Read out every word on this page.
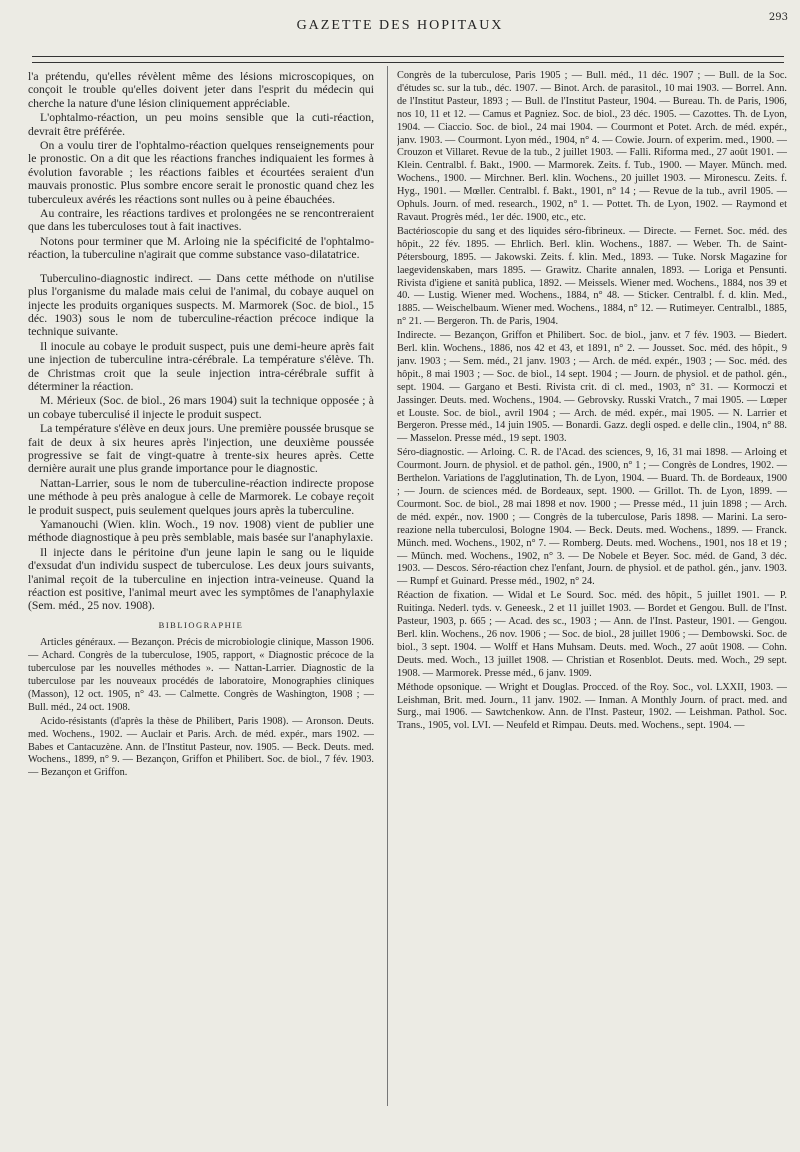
GAZETTE DES HOPITAUX
293

l'a prétendu, qu'elles révèlent même des lésions microscopiques, on conçoit le trouble qu'elles doivent jeter dans l'esprit du médecin qui cherche la nature d'une lésion cliniquement appréciable.

L'ophtalmo-réaction, un peu moins sensible que la cuti-réaction, devrait être préférée.

On a voulu tirer de l'ophtalmo-réaction quelques renseignements pour le pronostic. On a dit que les réactions franches indiquaient les formes à évolution favorable ; les réactions faibles et écourtées seraient d'un mauvais pronostic. Plus sombre encore serait le pronostic quand chez les tuberculeux avérés les réactions sont nulles ou à peine ébauchées.

Au contraire, les réactions tardives et prolongées ne se rencontreraient que dans les tuberculoses tout à fait inactives.

Notons pour terminer que M. Arloing nie la spécificité de l'ophtalmo-réaction, la tuberculine n'agirait que comme substance vaso-dilatatrice.

Tuberculino-diagnostic indirect. — Dans cette méthode on n'utilise plus l'organisme du malade mais celui de l'animal, du cobaye auquel on injecte les produits organiques suspects. M. Marmorek (Soc. de biol., 15 déc. 1903) sous le nom de tuberculine-réaction précoce indique la technique suivante.

Il inocule au cobaye le produit suspect, puis une demi-heure après fait une injection de tuberculine intra-cérébrale. La température s'élève. Th. de Christmas croit que la seule injection intra-cérébrale suffit à déterminer la réaction.

M. Mérieux (Soc. de biol., 26 mars 1904) suit la technique opposée ; à un cobaye tuberculisé il injecte le produit suspect.

La température s'élève en deux jours. Une première poussée brusque se fait de deux à six heures après l'injection, une deuxième poussée progressive se fait de vingt-quatre à trente-six heures après. Cette dernière aurait une plus grande importance pour le diagnostic.

Nattan-Larrier, sous le nom de tuberculine-réaction indirecte propose une méthode à peu près analogue à celle de Marmorek. Le cobaye reçoit le produit suspect, puis seulement quelques jours après la tuberculine.

Yamanouchi (Wien. klin. Woch., 19 nov. 1908) vient de publier une méthode diagnostique à peu près semblable, mais basée sur l'anaphylaxie.

Il injecte dans le péritoine d'un jeune lapin le sang ou le liquide d'exsudat d'un individu suspect de tuberculose. Les deux jours suivants, l'animal reçoit de la tuberculine en injection intra-veineuse. Quand la réaction est positive, l'animal meurt avec les symptômes de l'anaphylaxie (Sem. méd., 25 nov. 1908).

BIBLIOGRAPHIE

Articles généraux. — Bezançon. Précis de microbiologie clinique, Masson 1906. — Achard. Congrès de la tuberculose, 1905, rapport, « Diagnostic précoce de la tuberculose par les nouvelles méthodes ». — Nattan-Larrier. Diagnostic de la tuberculose par les nouveaux procédés de laboratoire, Monographies cliniques (Masson), 12 oct. 1905, n° 43. — Calmette. Congrès de Washington, 1908 ; — Bull. méd., 24 oct. 1908.

Acido-résistants (d'après la thèse de Philibert, Paris 1908). — Aronson. Deuts. med. Wochens., 1902. — Auclair et Paris. Arch. de méd. expér., mars 1902. — Babes et Cantacuzène. Ann. de l'Institut Pasteur, nov. 1905. — Beck. Deuts. med. Wochens., 1899, n° 9. — Bezançon, Griffon et Philibert. Soc. de biol., 7 fév. 1903. — Bezançon et Griffon.

Congrès de la tuberculose, Paris 1905 ; — Bull. méd., 11 déc. 1907 ; — Bull. de la Soc. d'études sc. sur la tub., déc. 1907. — Binot. Arch. de parasitol., 10 mai 1903. — Borrel. Ann. de l'Institut Pasteur, 1893 ; — Bull. de l'Institut Pasteur, 1904. — Bureau. Th. de Paris, 1906, nos 10, 11 et 12. — Camus et Pagniez. Soc. de biol., 23 déc. 1905. — Cazottes. Th. de Lyon, 1904. — Ciaccio. Soc. de biol., 24 mai 1904. — Courmont et Potet. Arch. de méd. expér., janv. 1903. — Courmont. Lyon méd., 1904, n° 4. — Cowie. Journ. of experim. med., 1900. — Crouzon et Villaret. Revue de la tub., 2 juillet 1903. — Falli. Riforma med., 27 août 1901. — Klein. Centralbl. f. Bakt., 1900. — Marmorek. Zeits. f. Tub., 1900. — Mayer. Münch. med. Wochens., 1900. — Mirchner. Berl. klin. Wochens., 20 juillet 1903. — Mironescu. Zeits. f. Hyg., 1901. — Mœller. Centralbl. f. Bakt., 1901, n° 14 ; — Revue de la tub., avril 1905. — Ophuls. Journ. of med. research., 1902, n° 1. — Pottet. Th. de Lyon, 1902. — Raymond et Ravaut. Progrès méd., 1er déc. 1900, etc., etc.

Bactérioscopie du sang et des liquides séro-fibrineux. — Directe. — Fernet. Soc. méd. des hôpit., 22 fév. 1895. — Ehrlich. Berl. klin. Wochens., 1887. — Weber. Th. de Saint-Pétersbourg, 1895. — Jakowski. Zeits. f. klin. Med., 1893. — Tuke. Norsk Magazine for laegevidenskaben, mars 1895. — Grawitz. Charite annalen, 1893. — Loriga et Pensunti. Rivista d'igiene et sanità publica, 1892. — Meissels. Wiener med. Wochens., 1884, nos 39 et 40. — Lustig. Wiener med. Wochens., 1884, n° 48. — Sticker. Centralbl. f. d. klin. Med., 1885. — Weischelbaum. Wiener med. Wochens., 1884, n° 12. — Rutimeyer. Centralbl., 1885, n° 21. — Bergeron. Th. de Paris, 1904.

Indirecte. — Bezançon, Griffon et Philibert. Soc. de biol., janv. et 7 fév. 1903. — Biedert. Berl. klin. Wochens., 1886, nos 42 et 43, et 1891, n° 2. — Jousset. Soc. méd. des hôpit., 9 janv. 1903 ; — Sem. méd., 21 janv. 1903 ; — Arch. de méd. expér., 1903 ; — Soc. méd. des hôpit., 8 mai 1903 ; — Soc. de biol., 14 sept. 1904 ; — Journ. de physiol. et de pathol. gén., sept. 1904. — Gargano et Besti. Rivista crit. di cl. med., 1903, n° 31. — Kormoczi et Jassinger. Deuts. med. Wochens., 1904. — Gebrovsky. Russki Vratch., 7 mai 1905. — Lœper et Louste. Soc. de biol., avril 1904 ; — Arch. de méd. expér., mai 1905. — N. Larrier et Bergeron. Presse méd., 14 juin 1905. — Bonardi. Gazz. degli osped. e delle clin., 1904, n° 88. — Masselon. Presse méd., 19 sept. 1903.

Séro-diagnostic. — Arloing. C. R. de l'Acad. des sciences, 9, 16, 31 mai 1898. — Arloing et Courmont. Journ. de physiol. et de pathol. gén., 1900, n° 1 ; — Congrès de Londres, 1902. — Berthelon. Variations de l'agglutination, Th. de Lyon, 1904. — Buard. Th. de Bordeaux, 1900 ; — Journ. de sciences méd. de Bordeaux, sept. 1900. — Grillot. Th. de Lyon, 1899. — Courmont. Soc. de biol., 28 mai 1898 et nov. 1900 ; — Presse méd., 11 juin 1898 ; — Arch. de méd. expér., nov. 1900 ; — Congrès de la tuberculose, Paris 1898. — Marini. La sero-reazione nella tuberculosi, Bologne 1904. — Beck. Deuts. med. Wochens., 1899. — Franck. Münch. med. Wochens., 1902, n° 7. — Romberg. Deuts. med. Wochens., 1901, nos 18 et 19 ; — Münch. med. Wochens., 1902, n° 3. — De Nobele et Beyer. Soc. méd. de Gand, 3 déc. 1903. — Descos. Séro-réaction chez l'enfant, Journ. de physiol. et de pathol. gén., janv. 1903. — Rumpf et Guinard. Presse méd., 1902, n° 24.

Réaction de fixation. — Widal et Le Sourd. Soc. méd. des hôpit., 5 juillet 1901. — P. Ruitinga. Nederl. tyds. v. Geneesk., 2 et 11 juillet 1903. — Bordet et Gengou. Bull. de l'Inst. Pasteur, 1903, p. 665 ; — Acad. des sc., 1903 ; — Ann. de l'Inst. Pasteur, 1901. — Gengou. Berl. klin. Wochens., 26 nov. 1906 ; — Soc. de biol., 28 juillet 1906 ; — Dembowski. Soc. de biol., 3 sept. 1904. — Wolff et Hans Muhsam. Deuts. med. Woch., 27 août 1908. — Cohn. Deuts. med. Woch., 13 juillet 1908. — Christian et Rosenblot. Deuts. med. Woch., 29 sept. 1908. — Marmorek. Presse méd., 6 janv. 1909.

Méthode opsonique. — Wright et Douglas. Procced. of the Roy. Soc., vol. LXXII, 1903. — Leishman, Brit. med. Journ., 11 janv. 1902. — Inman. A Monthly Journ. of pract. med. and Surg., mai 1906. — Sawtchenkow. Ann. de l'Inst. Pasteur, 1902. — Leishman. Pathol. Soc. Trans., 1905, vol. LVI. — Neufeld et Rimpau. Deuts. med. Wochens., sept. 1904. —
